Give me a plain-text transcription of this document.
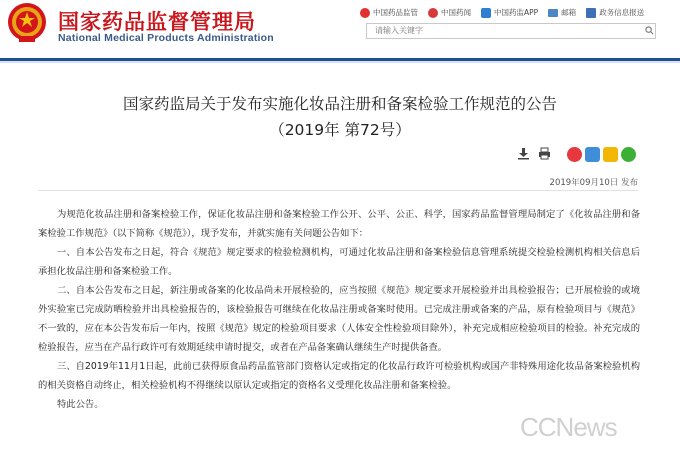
国家药品监督管理局
National Medical Products Administration
中国药品监管	中国药闻	中国药监APP	邮箱	政务信息报送
请输入关键字
国家药监局关于发布实施化妆品注册和备案检验工作规范的公告
（2019年 第72号）
2019年09月10日 发布

为规范化妆品注册和备案检验工作，保证化妆品注册和备案检验工作公开、公平、公正、科学，国家药品监督管理局制定了《化妆品注册和备案检验工作规范》（以下简称《规范》），现予发布，并就实施有关问题公告如下：

一、自本公告发布之日起，符合《规范》规定要求的检验检测机构，可通过化妆品注册和备案检验信息管理系统提交检验检测机构相关信息后承担化妆品注册和备案检验工作。

二、自本公告发布之日起，新注册或备案的化妆品尚未开展检验的，应当按照《规范》规定要求开展检验并出具检验报告；已开展检验的或境外实验室已完成防晒检验并出具检验报告的，该检验报告可继续在化妆品注册或备案时使用。已完成注册或备案的产品，原有检验项目与《规范》不一致的，应在本公告发布后一年内，按照《规范》规定的检验项目要求（人体安全性检验项目除外），补充完成相应检验项目的检验。补充完成的检验报告，应当在产品行政许可有效期延续申请时提交，或者在产品备案确认继续生产时提供备查。

三、自2019年11月1日起，此前已获得原食品药品监管部门资格认定或指定的化妆品行政许可检验机构或国产非特殊用途化妆品备案检验机构的相关资格自动终止，相关检验机构不得继续以原认定或指定的资格名义受理化妆品注册和备案检验。

特此公告。

CCNews
